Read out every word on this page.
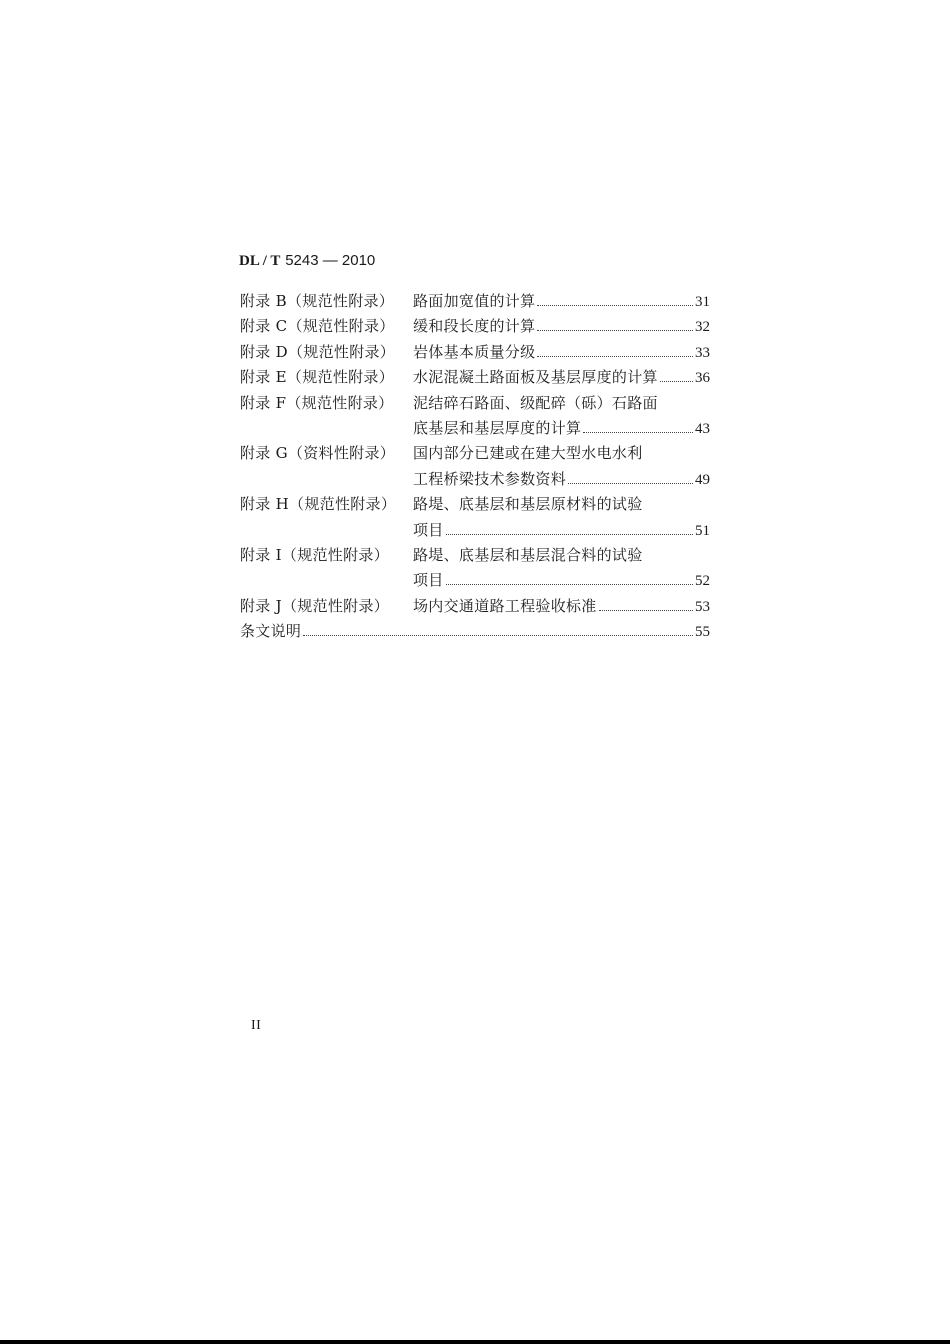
DL / T 5243 — 2010
附录 B（规范性附录） 路面加宽值的计算	31
附录 C（规范性附录） 缓和段长度的计算	32
附录 D（规范性附录） 岩体基本质量分级	33
附录 E（规范性附录） 水泥混凝土路面板及基层厚度的计算 36
附录 F（规范性附录） 泥结碎石路面、级配碎（砾）石路面
底基层和基层厚度的计算	43
附录 G（资料性附录） 国内部分已建或在建大型水电水利
工程桥梁技术参数资料	49
附录 H（规范性附录） 路堤、底基层和基层原材料的试验
项目	51
附录 I（规范性附录） 路堤、底基层和基层混合料的试验
项目	52
附录 J（规范性附录） 场内交通道路工程验收标准	53
条文说明	55
II
